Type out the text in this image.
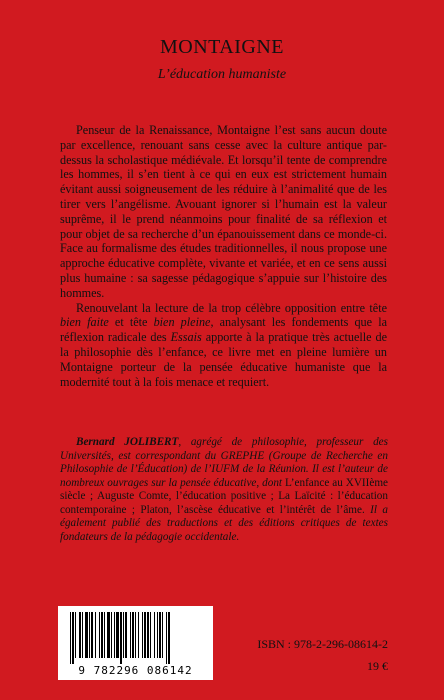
MONTAIGNE
L’éducation humaniste

Penseur de la Renaissance, Montaigne l’est sans aucun doute par excellence, renouant sans cesse avec la culture antique par-dessus la scholastique médiévale. Et lorsqu’il tente de comprendre les hommes, il s’en tient à ce qui en eux est strictement humain évitant aussi soigneusement de les réduire à l’animalité que de les tirer vers l’angélisme. Avouant ignorer si l’humain est la valeur suprême, il le prend néanmoins pour finalité de sa réflexion et pour objet de sa recherche d’un épanouissement dans ce monde-ci. Face au formalisme des études traditionnelles, il nous propose une approche éducative complète, vivante et variée, et en ce sens aussi plus humaine : sa sagesse pédagogique s’appuie sur l’histoire des hommes.

Renouvelant la lecture de la trop célèbre opposition entre tête bien faite et tête bien pleine, analysant les fondements que la réflexion radicale des Essais apporte à la pratique très actuelle de la philosophie dès l’enfance, ce livre met en pleine lumière un Montaigne porteur de la pensée éducative humaniste que la modernité tout à la fois menace et requiert.

Bernard JOLIBERT, agrégé de philosophie, professeur des Universités, est correspondant du GREPHE (Groupe de Recherche en Philosophie de l’Éducation) de l’IUFM de la Réunion. Il est l’auteur de nombreux ouvrages sur la pensée éducative, dont L’enfance au XVIIème siècle ; Auguste Comte, l’éducation positive ; La Laïcité : l’éducation contemporaine ; Platon, l’ascèse éducative et l’intérêt de l’âme. Il a également publié des traductions et des éditions critiques de textes fondateurs de la pédagogie occidentale.

9 782296 086142
ISBN : 978-2-296-08614-2
19 €
